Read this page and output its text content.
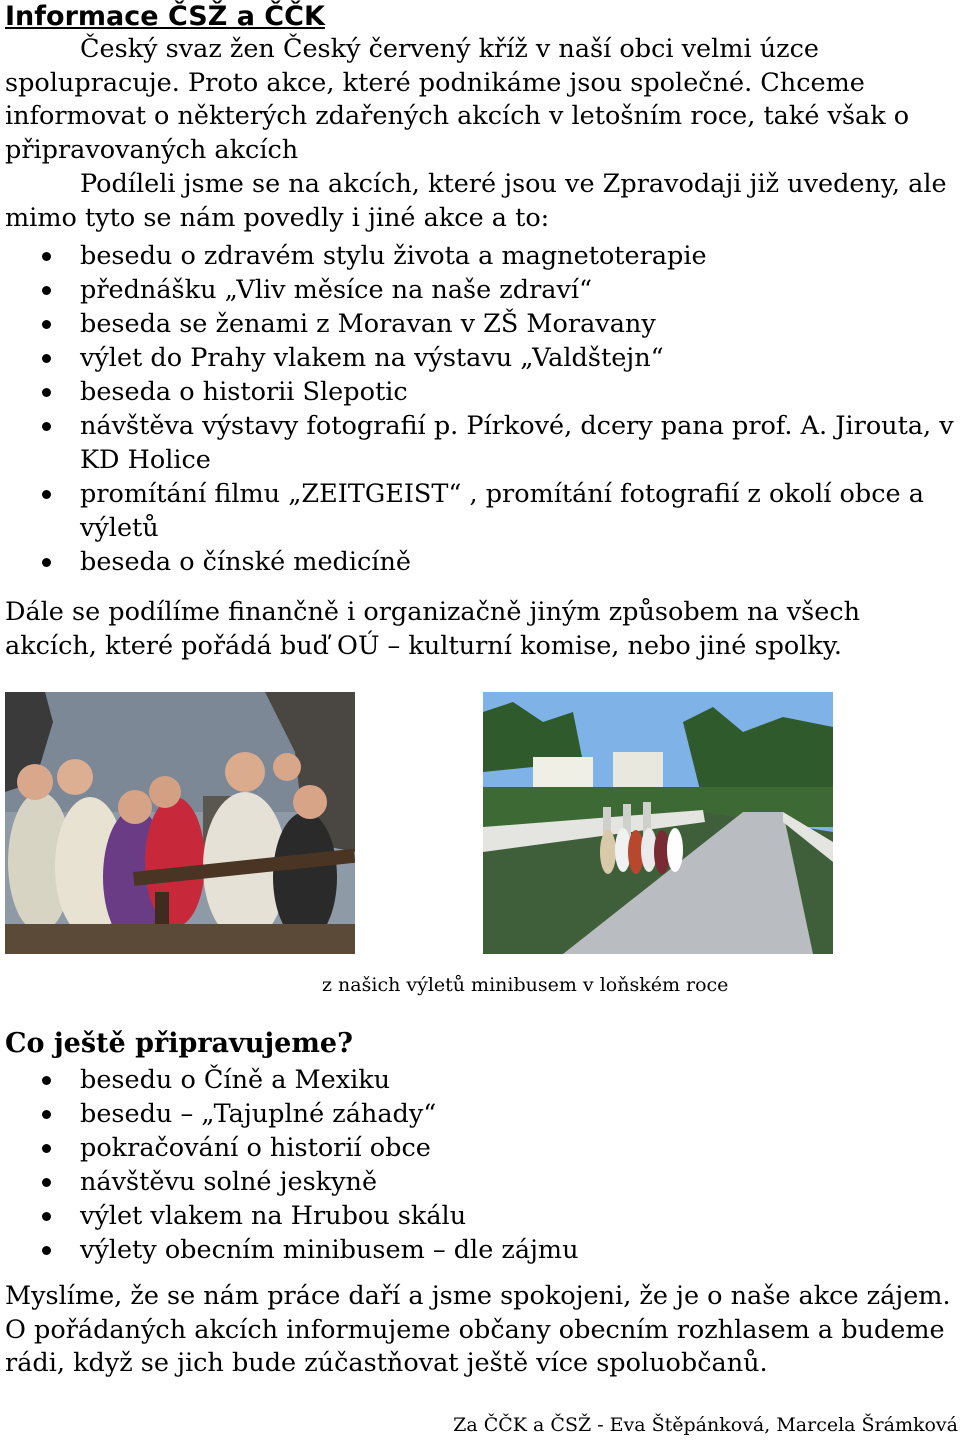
Informace ČSŽ a ČČK
Český svaz žen Český červený kříž v naší obci velmi úzce spolupracuje. Proto akce, které podnikáme jsou společné. Chceme informovat o některých zdařených akcích v letošním roce, také však o připravovaných akcích
Podíleli jsme se na akcích, které jsou ve Zpravodaji již uvedeny, ale mimo tyto se nám povedly i jiné akce a to:
besedu o zdravém stylu života a magnetoterapie
přednášku „Vliv měsíce na naše zdraví“
beseda se ženami z Moravan v ZŠ Moravany
výlet do Prahy vlakem na výstavu „Valdštejn“
beseda o historii Slepotic
návštěva výstavy fotografií p. Pírkové, dcery pana prof. A. Jirouta, v KD Holice
promítání filmu „ZEITGEIST“ , promítání fotografií z okolí obce a výletů
beseda o čínské medicíně
Dále se podílíme finančně i organizačně jiným způsobem na všech akcích, které pořádá buď OÚ – kulturní komise, nebo jiné spolky.
z našich výletů minibusem v loňském roce
Co ještě připravujeme?
besedu o Číně a Mexiku
besedu – „Tajuplné záhady“
pokračování o historií obce
návštěvu solné jeskyně
výlet vlakem na Hrubou skálu
výlety obecním minibusem – dle zájmu
Myslíme, že se nám práce daří a jsme spokojeni, že je o naše akce zájem. O pořádaných akcích informujeme občany obecním rozhlasem a budeme rádi, když se jich bude zúčastňovat ještě více spoluobčanů.
Za ČČK a ČSŽ - Eva Štěpánková, Marcela Šrámková
